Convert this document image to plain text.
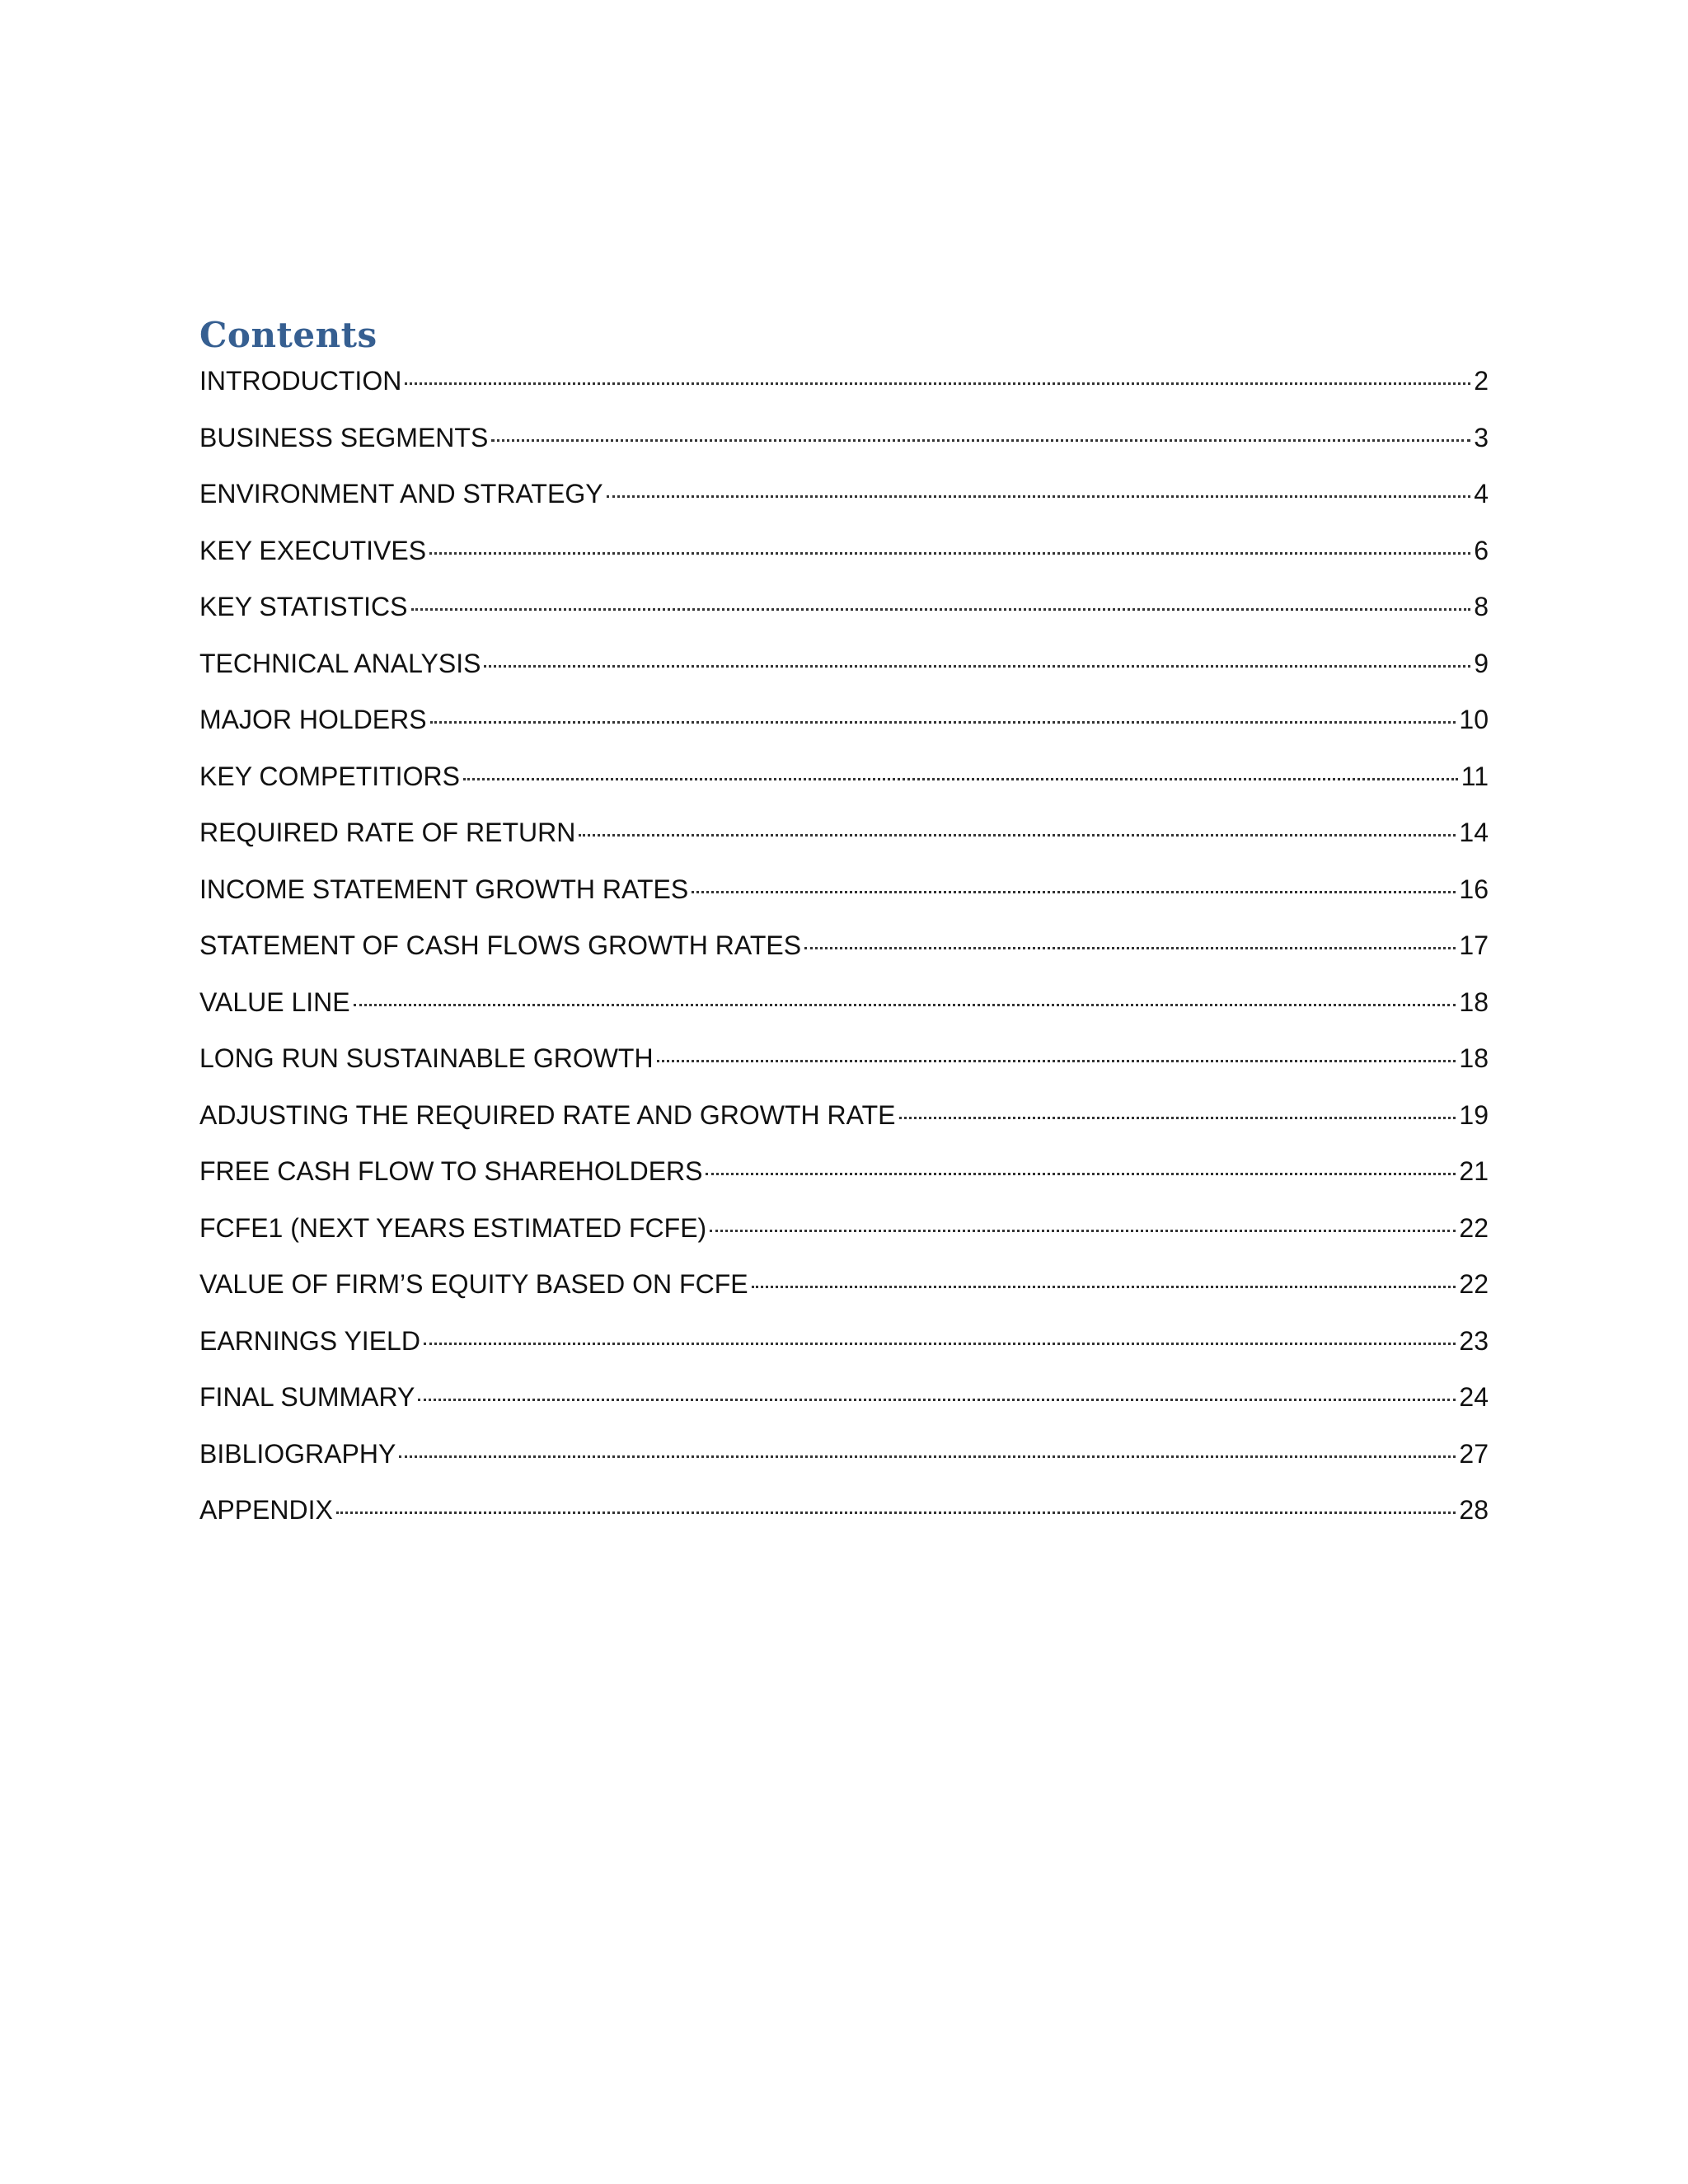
Contents
INTRODUCTION	2
BUSINESS SEGMENTS	3
ENVIRONMENT AND STRATEGY	4
KEY EXECUTIVES	6
KEY STATISTICS	8
TECHNICAL ANALYSIS	9
MAJOR HOLDERS	10
KEY COMPETITIORS	11
REQUIRED RATE OF RETURN	14
INCOME STATEMENT GROWTH RATES	16
STATEMENT OF CASH FLOWS GROWTH RATES	17
VALUE LINE	18
LONG RUN SUSTAINABLE GROWTH	18
ADJUSTING THE REQUIRED RATE AND GROWTH RATE	19
FREE CASH FLOW TO SHAREHOLDERS	21
FCFE1 (NEXT YEARS ESTIMATED FCFE)	22
VALUE OF FIRM’S EQUITY BASED ON FCFE	22
EARNINGS YIELD	23
FINAL SUMMARY	24
BIBLIOGRAPHY	27
APPENDIX	28
